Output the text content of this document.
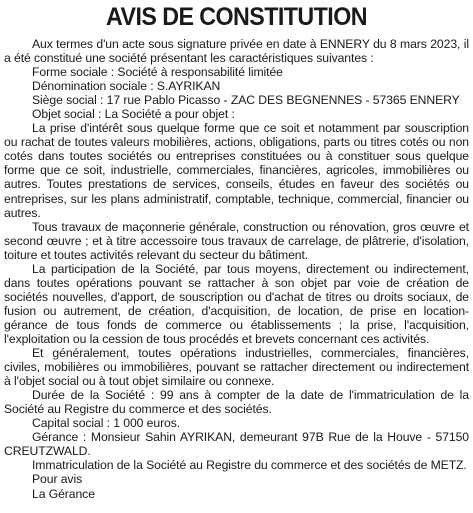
AVIS DE CONSTITUTION

Aux termes d'un acte sous signature privée en date à ENNERY du 8 mars 2023, il a été constitué une société présentant les caractéristiques suivantes :

Forme sociale : Société à responsabilité limitée

Dénomination sociale : S.AYRIKAN

Siège social : 17 rue Pablo Picasso - ZAC DES BEGNENNES - 57365 ENNERY

Objet social : La Société a pour objet :

La prise d'intérêt sous quelque forme que ce soit et notamment par souscription ou rachat de toutes valeurs mobilières, actions, obligations, parts ou titres cotés ou non cotés dans toutes sociétés ou entreprises constituées ou à constituer sous quelque forme que ce soit, industrielle, commerciales, financières, agricoles, immobilières ou autres. Toutes prestations de services, conseils, études en faveur des sociétés ou entreprises, sur les plans administratif, comptable, technique, commercial, financier ou autres.

Tous travaux de maçonnerie générale, construction ou rénovation, gros œuvre et second œuvre ; et à titre accessoire tous travaux de carrelage, de plâtrerie, d'isolation, toiture et toutes activités relevant du secteur du bâtiment.

La participation de la Société, par tous moyens, directement ou indirectement, dans toutes opérations pouvant se rattacher à son objet par voie de création de sociétés nouvelles, d'apport, de souscription ou d'achat de titres ou droits sociaux, de fusion ou autrement, de création, d'acquisition, de location, de prise en location-gérance de tous fonds de commerce ou établissements ; la prise, l'acquisition, l'exploitation ou la cession de tous procédés et brevets concernant ces activités.

Et généralement, toutes opérations industrielles, commerciales, financières, civiles, mobilières ou immobilières, pouvant se rattacher directement ou indirectement à l'objet social ou à tout objet similaire ou connexe.

Durée de la Société : 99 ans à compter de la date de l'immatriculation de la Société au Registre du commerce et des sociétés.

Capital social : 1 000 euros.

Gérance : Monsieur Sahin AYRIKAN, demeurant 97B Rue de la Houve - 57150 CREUTZWALD.

Immatriculation de la Société au Registre du commerce et des sociétés de METZ.

Pour avis

La Gérance
